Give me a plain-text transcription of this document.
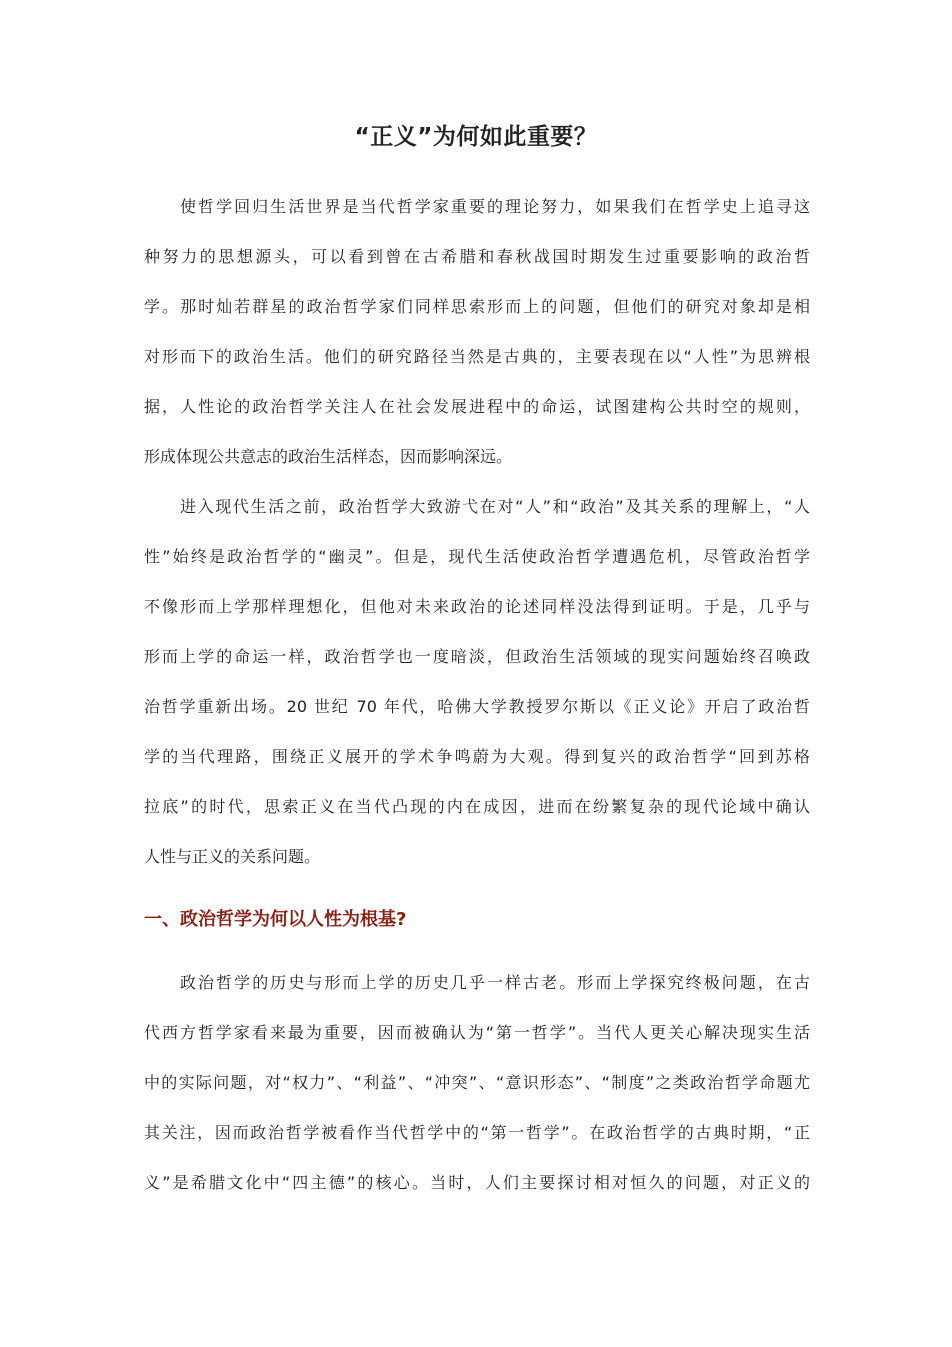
“正义”为何如此重要？

使哲学回归生活世界是当代哲学家重要的理论努力，如果我们在哲学史上追寻这
种努力的思想源头，可以看到曾在古希腊和春秋战国时期发生过重要影响的政治哲
学。那时灿若群星的政治哲学家们同样思索形而上的问题，但他们的研究对象却是相
对形而下的政治生活。他们的研究路径当然是古典的，主要表现在以“人性”为思辨根
据，人性论的政治哲学关注人在社会发展进程中的命运，试图建构公共时空的规则，
形成体现公共意志的政治生活样态，因而影响深远。

进入现代生活之前，政治哲学大致游弋在对“人”和“政治”及其关系的理解上，“人
性”始终是政治哲学的“幽灵”。但是，现代生活使政治哲学遭遇危机，尽管政治哲学
不像形而上学那样理想化，但他对未来政治的论述同样没法得到证明。于是，几乎与
形而上学的命运一样，政治哲学也一度暗淡，但政治生活领域的现实问题始终召唤政
治哲学重新出场。20 世纪 70 年代，哈佛大学教授罗尔斯以《正义论》开启了政治哲
学的当代理路，围绕正义展开的学术争鸣蔚为大观。得到复兴的政治哲学“回到苏格
拉底”的时代，思索正义在当代凸现的内在成因，进而在纷繁复杂的现代论域中确认
人性与正义的关系问题。

一、政治哲学为何以人性为根基?

政治哲学的历史与形而上学的历史几乎一样古老。形而上学探究终极问题，在古
代西方哲学家看来最为重要，因而被确认为“第一哲学”。当代人更关心解决现实生活
中的实际问题，对“权力”、“利益”、“冲突”、“意识形态”、“制度”之类政治哲学命题尤
其关注，因而政治哲学被看作当代哲学中的“第一哲学”。在政治哲学的古典时期，“正
义”是希腊文化中“四主德”的核心。当时，人们主要探讨相对恒久的问题，对正义的
